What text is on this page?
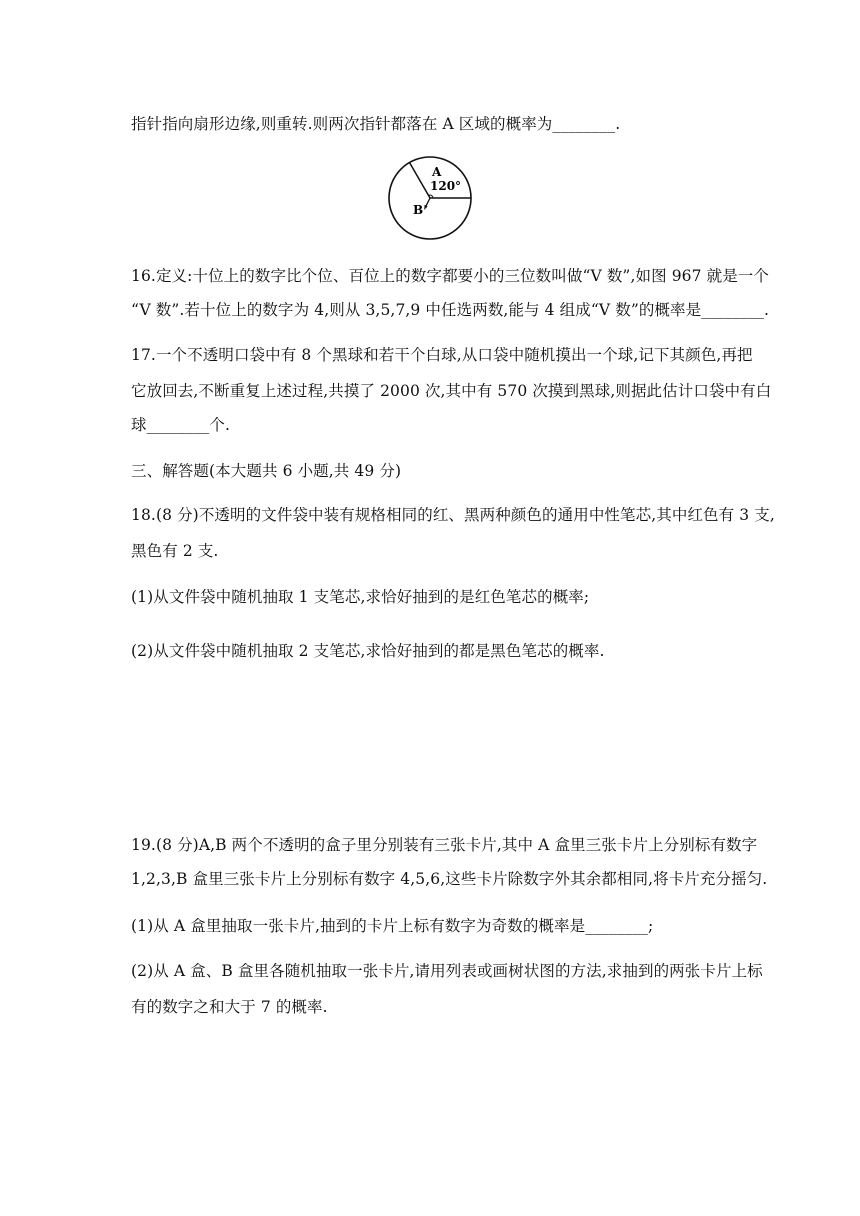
指针指向扇形边缘,则重转.则两次指针都落在 A 区域的概率为________.
A
120°
B
16.定义:十位上的数字比个位、百位上的数字都要小的三位数叫做“V 数”,如图 967 就是一个
“V 数”.若十位上的数字为 4,则从 3,5,7,9 中任选两数,能与 4 组成“V 数”的概率是________.
17.一个不透明口袋中有 8 个黑球和若干个白球,从口袋中随机摸出一个球,记下其颜色,再把
它放回去,不断重复上述过程,共摸了 2000 次,其中有 570 次摸到黑球,则据此估计口袋中有白
球________个.
三、解答题(本大题共 6 小题,共 49 分)
18.(8 分)不透明的文件袋中装有规格相同的红、黑两种颜色的通用中性笔芯,其中红色有 3 支,
黑色有 2 支.
(1)从文件袋中随机抽取 1 支笔芯,求恰好抽到的是红色笔芯的概率;
(2)从文件袋中随机抽取 2 支笔芯,求恰好抽到的都是黑色笔芯的概率.
19.(8 分)A,B 两个不透明的盒子里分别装有三张卡片,其中 A 盒里三张卡片上分别标有数字
1,2,3,B 盒里三张卡片上分别标有数字 4,5,6,这些卡片除数字外其余都相同,将卡片充分摇匀.
(1)从 A 盒里抽取一张卡片,抽到的卡片上标有数字为奇数的概率是________;
(2)从 A 盒、B 盒里各随机抽取一张卡片,请用列表或画树状图的方法,求抽到的两张卡片上标
有的数字之和大于 7 的概率.
